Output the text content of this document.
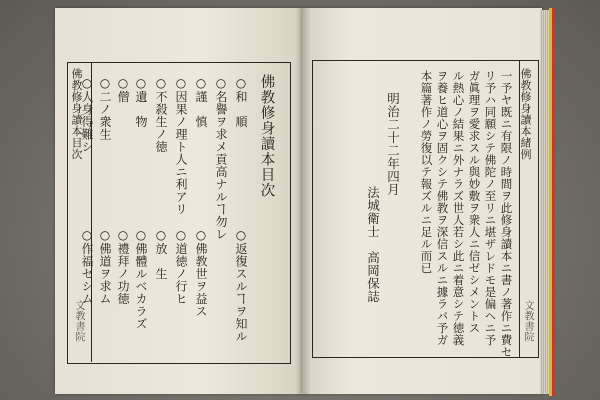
佛教修身讀本目次
文教書院
佛教修身讀本目次
○和　順
○名譽ヲ求メ貢高ナルヿ勿レ
○謹　慎
○因果ノ理ト人ニ利アリ
○不殺生ノ徳
○遺　物
○僧
○二ノ衆生
○返復スルヿヲ知ル
○佛教世ヲ益ス
○道徳ノ行ヒ
○放　生
○佛體ルベカラズ
○禮拜ノ功徳
○佛道ヲ求ム
○作福セシム
○人身得難シ	佛教修身讀本緒例
文教書院
一予ヤ既ニ有限ノ時間ヲ此修身讀本ニ書ノ著作ニ費セ
リ予ハ同願シテ佛陀ノ至リニ堪ザレドモ是偏ヘニ予
ガ眞理ヲ愛求スル與妙敷ヲ衆人ニ信ゼシメントス
ル熱心ノ結果ニ外ナラズ世人若シ此ニ着意シテ徳義
ヲ養ヒ道心ヲ固クシテ佛教ヲ深信スルニ據ラバ予ガ
本篇著作ノ勞復以テ報ズルニ足ル而已
明治二十二年四月
法城衛士　高岡保誌
